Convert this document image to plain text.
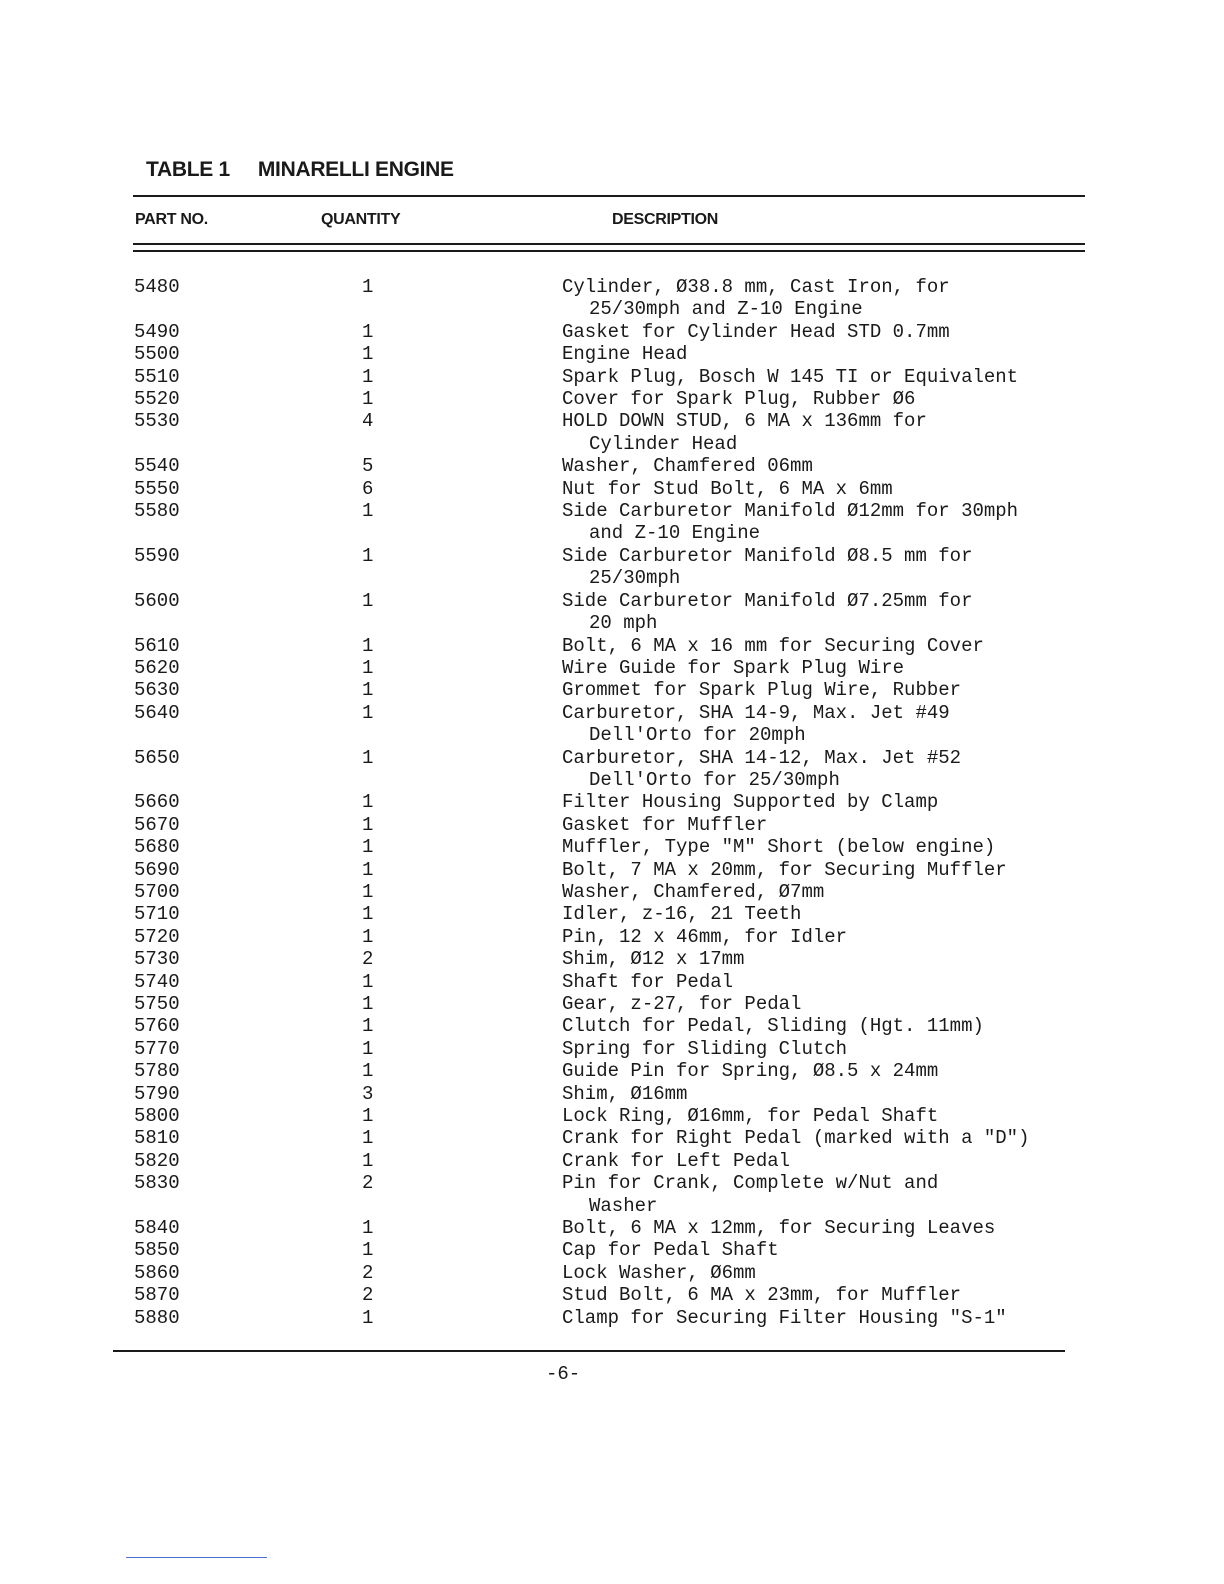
TABLE 1 MINARELLI ENGINE
PART NO.	QUANTITY	DESCRIPTION
5480	1	Cylinder, Ø38.8 mm, Cast Iron, for
25/30mph and Z-10 Engine
5490	1	Gasket for Cylinder Head STD 0.7mm
5500	1	Engine Head
5510	1	Spark Plug, Bosch W 145 TI or Equivalent
5520	1	Cover for Spark Plug, Rubber Ø6
5530	4	HOLD DOWN STUD, 6 MA x 136mm for
Cylinder Head
5540	5	Washer, Chamfered 06mm
5550	6	Nut for Stud Bolt, 6 MA x 6mm
5580	1	Side Carburetor Manifold Ø12mm for 30mph
and Z-10 Engine
5590	1	Side Carburetor Manifold Ø8.5 mm for
25/30mph
5600	1	Side Carburetor Manifold Ø7.25mm for
20 mph
5610	1	Bolt, 6 MA x 16 mm for Securing Cover
5620	1	Wire Guide for Spark Plug Wire
5630	1	Grommet for Spark Plug Wire, Rubber
5640	1	Carburetor, SHA 14-9, Max. Jet #49
Dell'Orto for 20mph
5650	1	Carburetor, SHA 14-12, Max. Jet #52
Dell'Orto for 25/30mph
5660	1	Filter Housing Supported by Clamp
5670	1	Gasket for Muffler
5680	1	Muffler, Type "M" Short (below engine)
5690	1	Bolt, 7 MA x 20mm, for Securing Muffler
5700	1	Washer, Chamfered, Ø7mm
5710	1	Idler, z-16, 21 Teeth
5720	1	Pin, 12 x 46mm, for Idler
5730	2	Shim, Ø12 x 17mm
5740	1	Shaft for Pedal
5750	1	Gear, z-27, for Pedal
5760	1	Clutch for Pedal, Sliding (Hgt. 11mm)
5770	1	Spring for Sliding Clutch
5780	1	Guide Pin for Spring, Ø8.5 x 24mm
5790	3	Shim, Ø16mm
5800	1	Lock Ring, Ø16mm, for Pedal Shaft
5810	1	Crank for Right Pedal (marked with a "D")
5820	1	Crank for Left Pedal
5830	2	Pin for Crank, Complete w/Nut and
Washer
5840	1	Bolt, 6 MA x 12mm, for Securing Leaves
5850	1	Cap for Pedal Shaft
5860	2	Lock Washer, Ø6mm
5870	2	Stud Bolt, 6 MA x 23mm, for Muffler
5880	1	Clamp for Securing Filter Housing "S-1"
-6-
